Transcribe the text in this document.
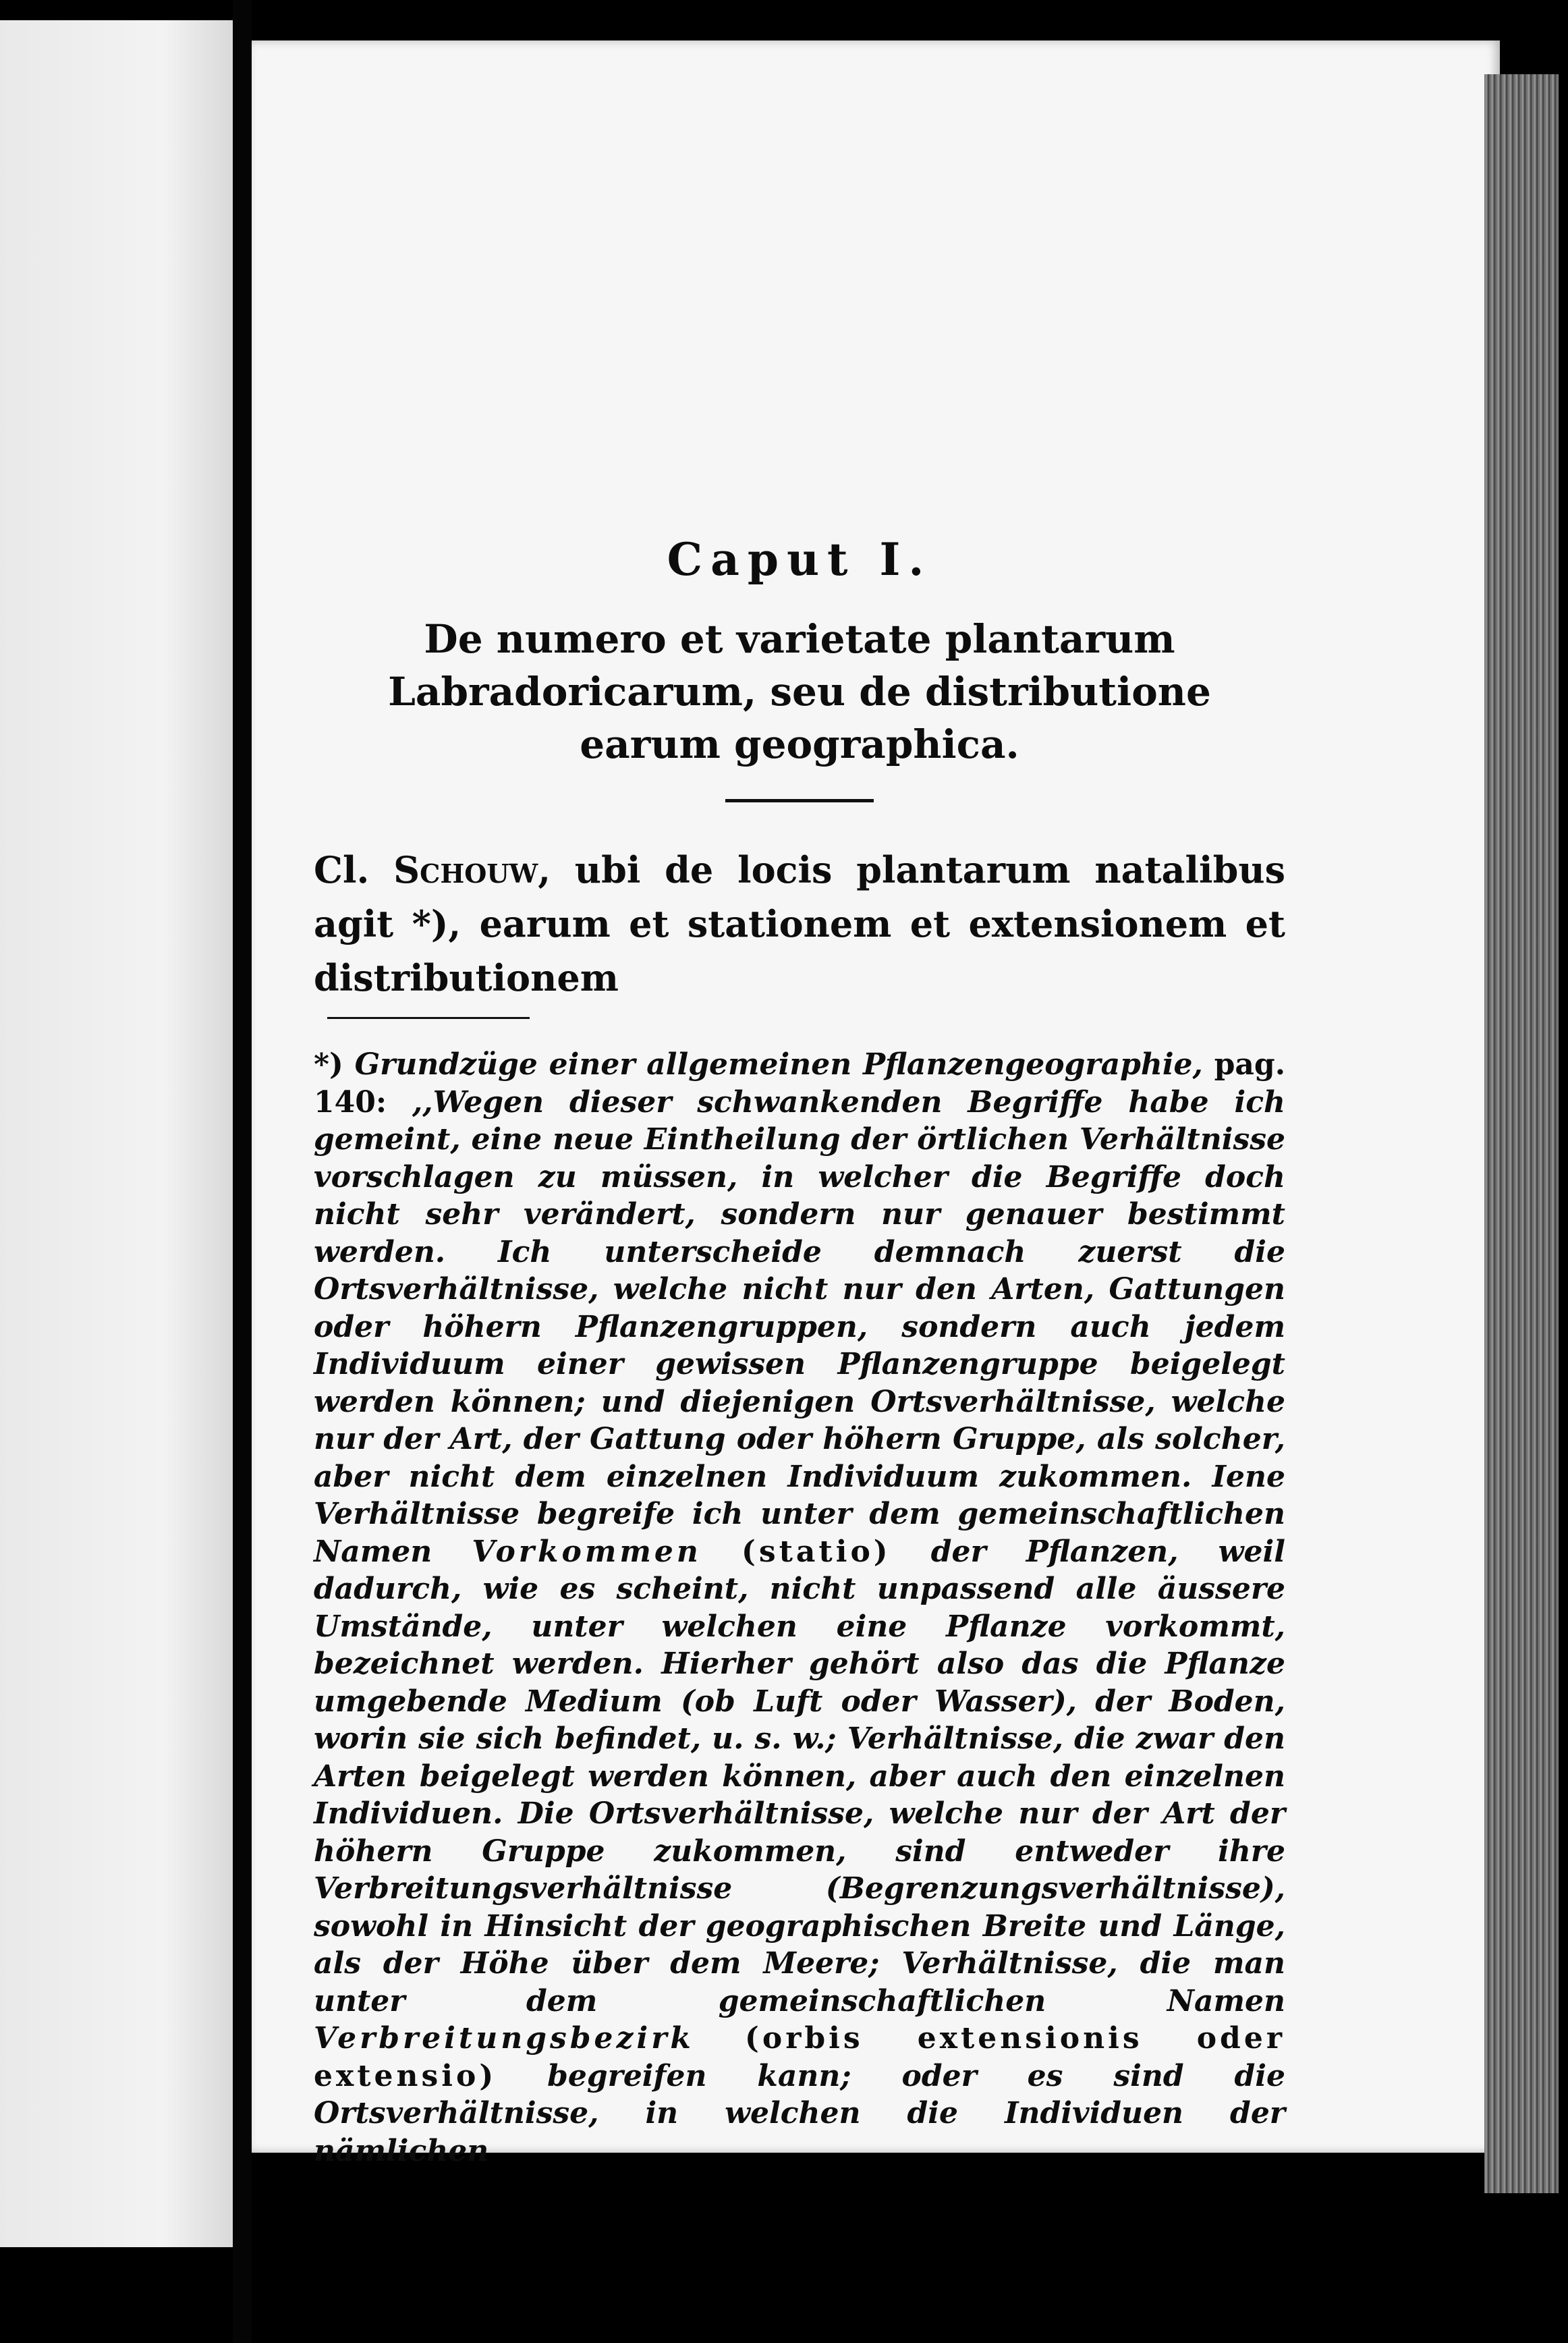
Caput I.

De numero et varietate plantarum Labradoricarum, seu de distributione earum geographica.

Cl. Schouw, ubi de locis plantarum natalibus agit *), earum et stationem et extensionem et distributionem

*) Grundzüge einer allgemeinen Pflanzengeographie, pag. 140: ,,Wegen dieser schwankenden Begriffe habe ich gemeint, eine neue Eintheilung der örtlichen Verhältnisse vorschlagen zu müssen, in welcher die Begriffe doch nicht sehr verändert, sondern nur genauer bestimmt werden. Ich unterscheide demnach zuerst die Ortsverhältnisse, welche nicht nur den Arten, Gattungen oder höhern Pflanzengruppen, sondern auch jedem Individuum einer gewissen Pflanzengruppe beigelegt werden können; und diejenigen Ortsverhältnisse, welche nur der Art, der Gattung oder höhern Gruppe, als solcher, aber nicht dem einzelnen Individuum zukommen. Iene Verhältnisse begreife ich unter dem gemeinschaftlichen Namen Vorkommen (statio) der Pflanzen, weil dadurch, wie es scheint, nicht unpassend alle äussere Umstände, unter welchen eine Pflanze vorkommt, bezeichnet werden. Hierher gehört also das die Pflanze umgebende Medium (ob Luft oder Wasser), der Boden, worin sie sich befindet, u. s. w.; Verhältnisse, die zwar den Arten beigelegt werden können, aber auch den einzelnen Individuen. Die Ortsverhältnisse, welche nur der Art der höhern Gruppe zukommen, sind entweder ihre Verbreitungsverhältnisse (Begrenzungsverhältnisse), sowohl in Hinsicht der geographischen Breite und Länge, als der Höhe über dem Meere; Verhältnisse, die man unter dem gemeinschaftlichen Namen Verbreitungsbezirk (orbis extensionis oder extensio) begreifen kann; oder es sind die Ortsverhältnisse, in welchen die Individuen der nämlichen
